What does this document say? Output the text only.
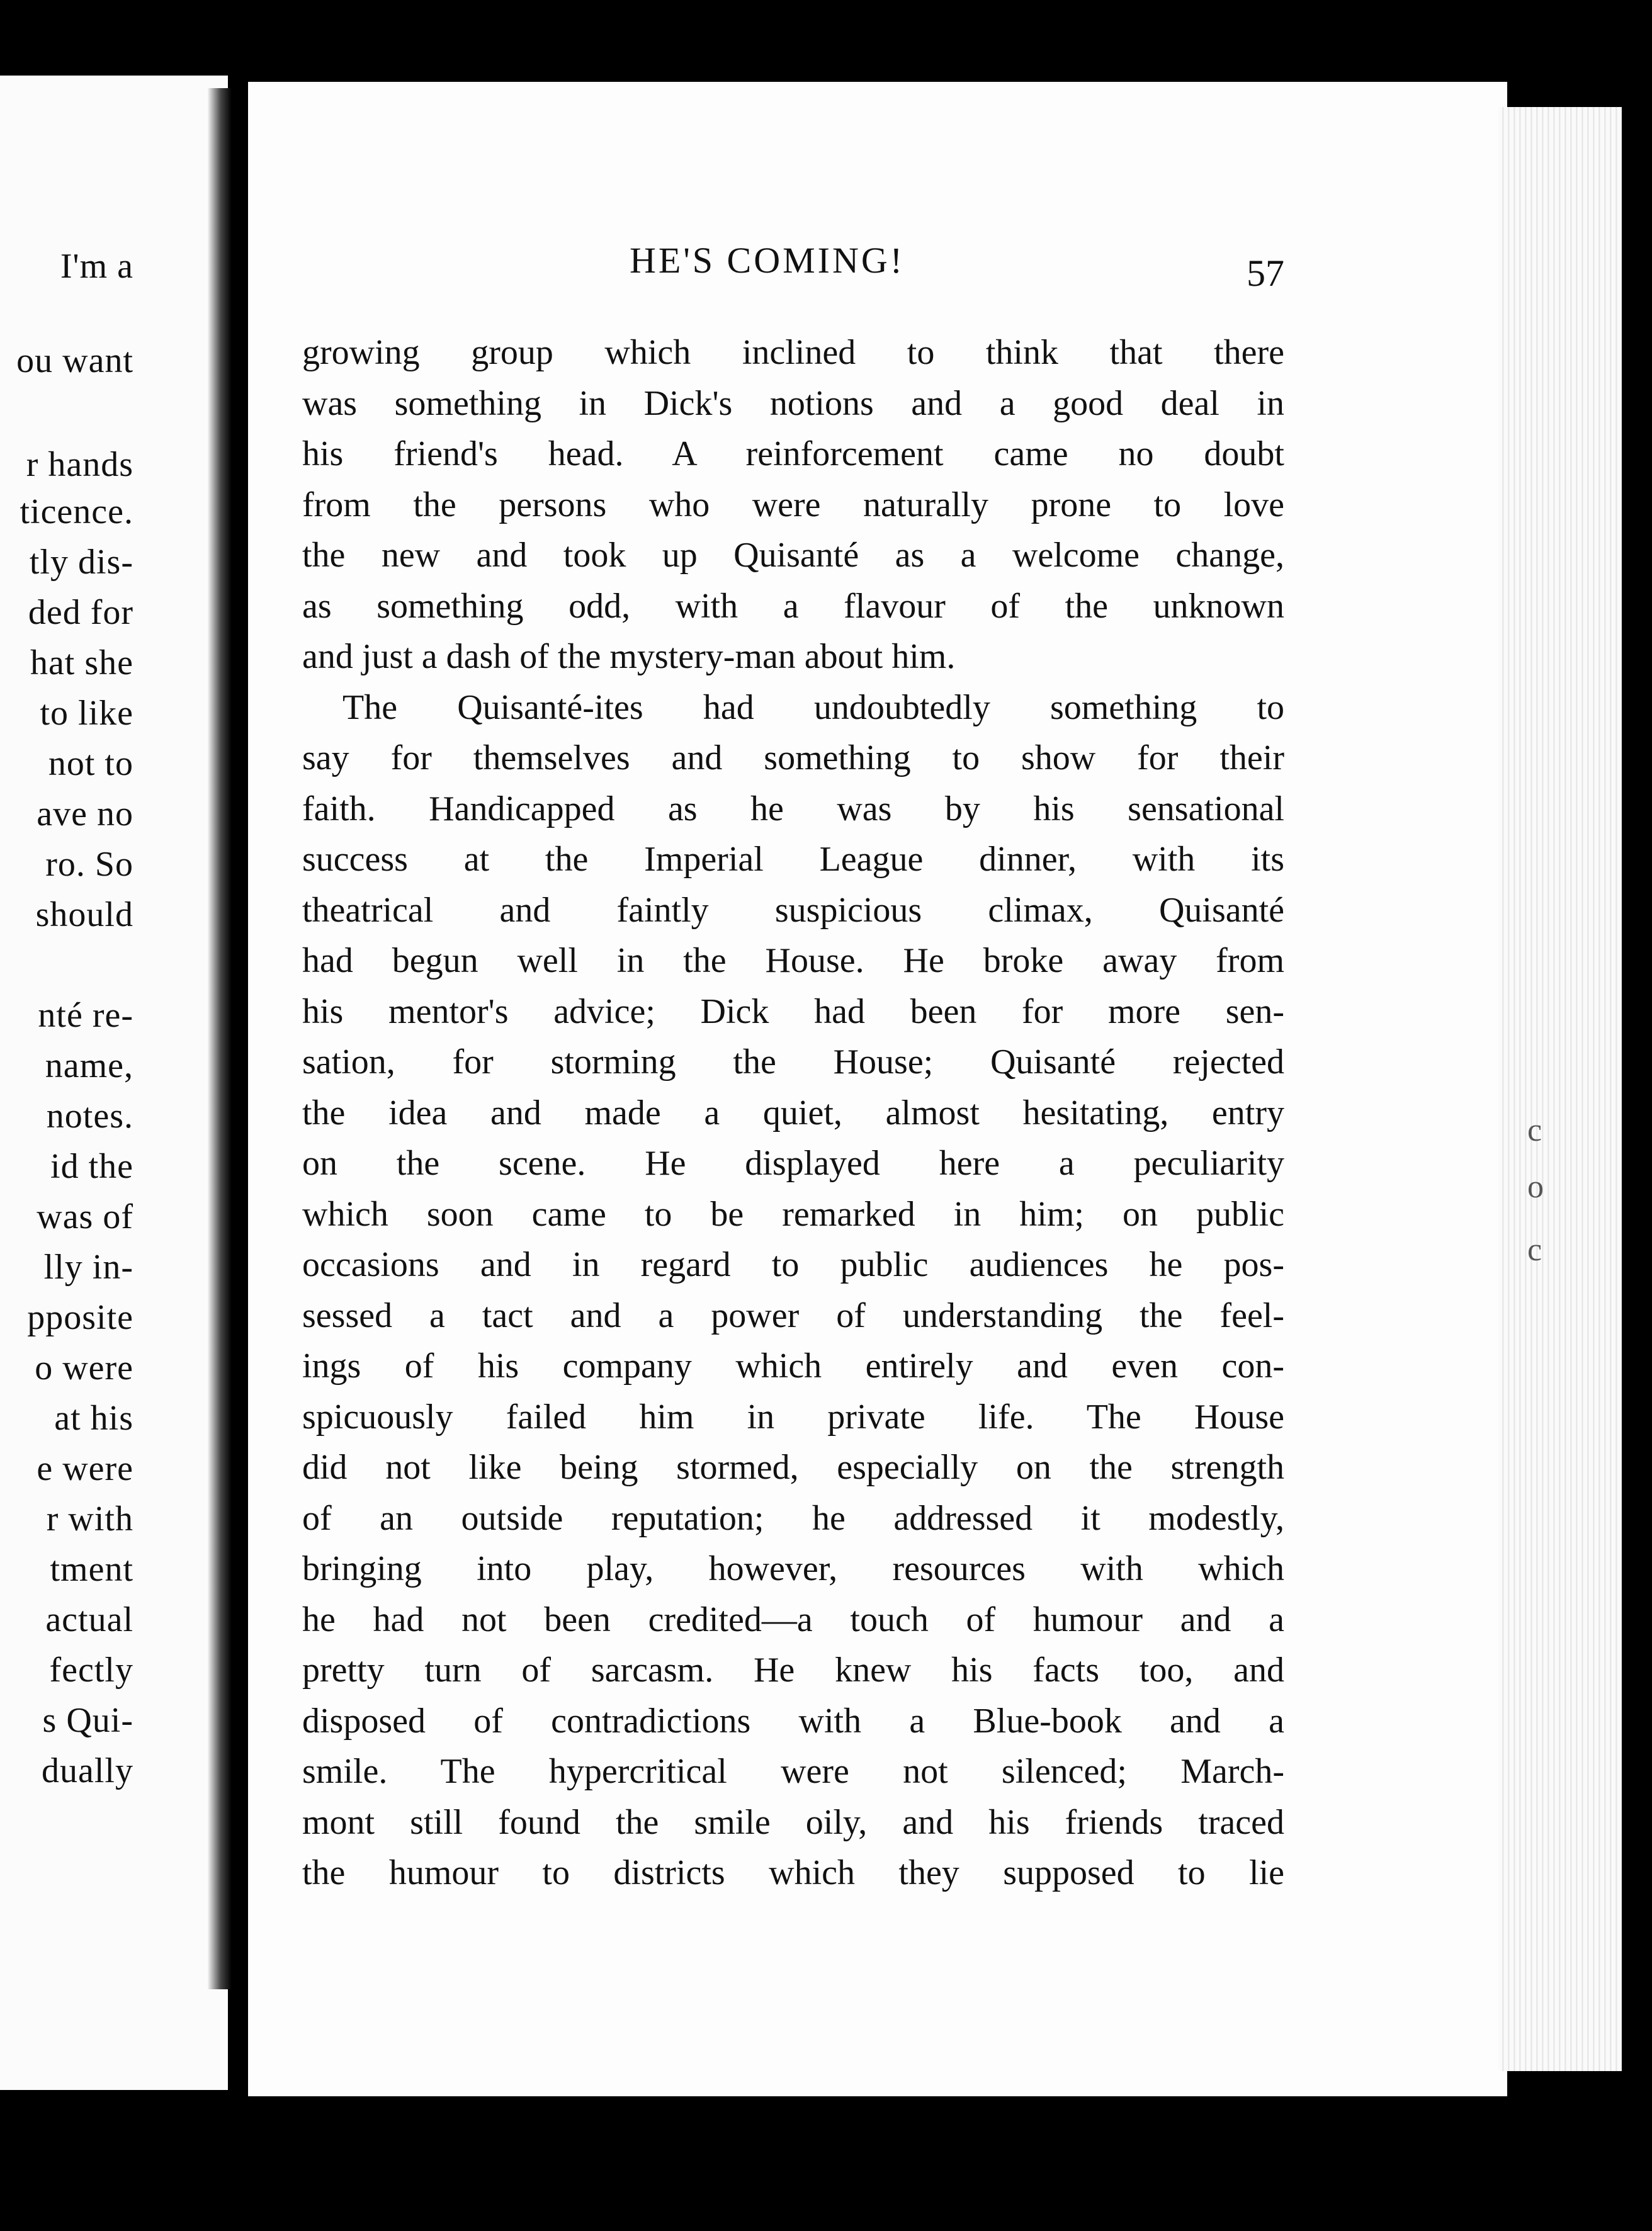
I'm a
ou want
r hands
ticence.
tly dis-
ded for
hat she
to like
not to
ave no
ro. So
should
nté re-
name,
notes.
id the
was of
lly in-
pposite
o were
at his
e were
r with
tment
actual
fectly
s Qui-
dually
c
o
c
HE'S COMING!	57
growing group which inclined to think that there
was something in Dick's notions and a good deal in
his friend's head. A reinforcement came no doubt
from the persons who were naturally prone to love
the new and took up Quisanté as a welcome change,
as something odd, with a flavour of the unknown
and just a dash of the mystery-man about him.
The Quisanté-ites had undoubtedly something to
say for themselves and something to show for their
faith. Handicapped as he was by his sensational
success at the Imperial League dinner, with its
theatrical and faintly suspicious climax, Quisanté
had begun well in the House. He broke away from
his mentor's advice; Dick had been for more sen-
sation, for storming the House; Quisanté rejected
the idea and made a quiet, almost hesitating, entry
on the scene. He displayed here a peculiarity
which soon came to be remarked in him; on public
occasions and in regard to public audiences he pos-
sessed a tact and a power of understanding the feel-
ings of his company which entirely and even con-
spicuously failed him in private life. The House
did not like being stormed, especially on the strength
of an outside reputation; he addressed it modestly,
bringing into play, however, resources with which
he had not been credited—a touch of humour and a
pretty turn of sarcasm. He knew his facts too, and
disposed of contradictions with a Blue-book and a
smile. The hypercritical were not silenced; March-
mont still found the smile oily, and his friends traced
the humour to districts which they supposed to lie
